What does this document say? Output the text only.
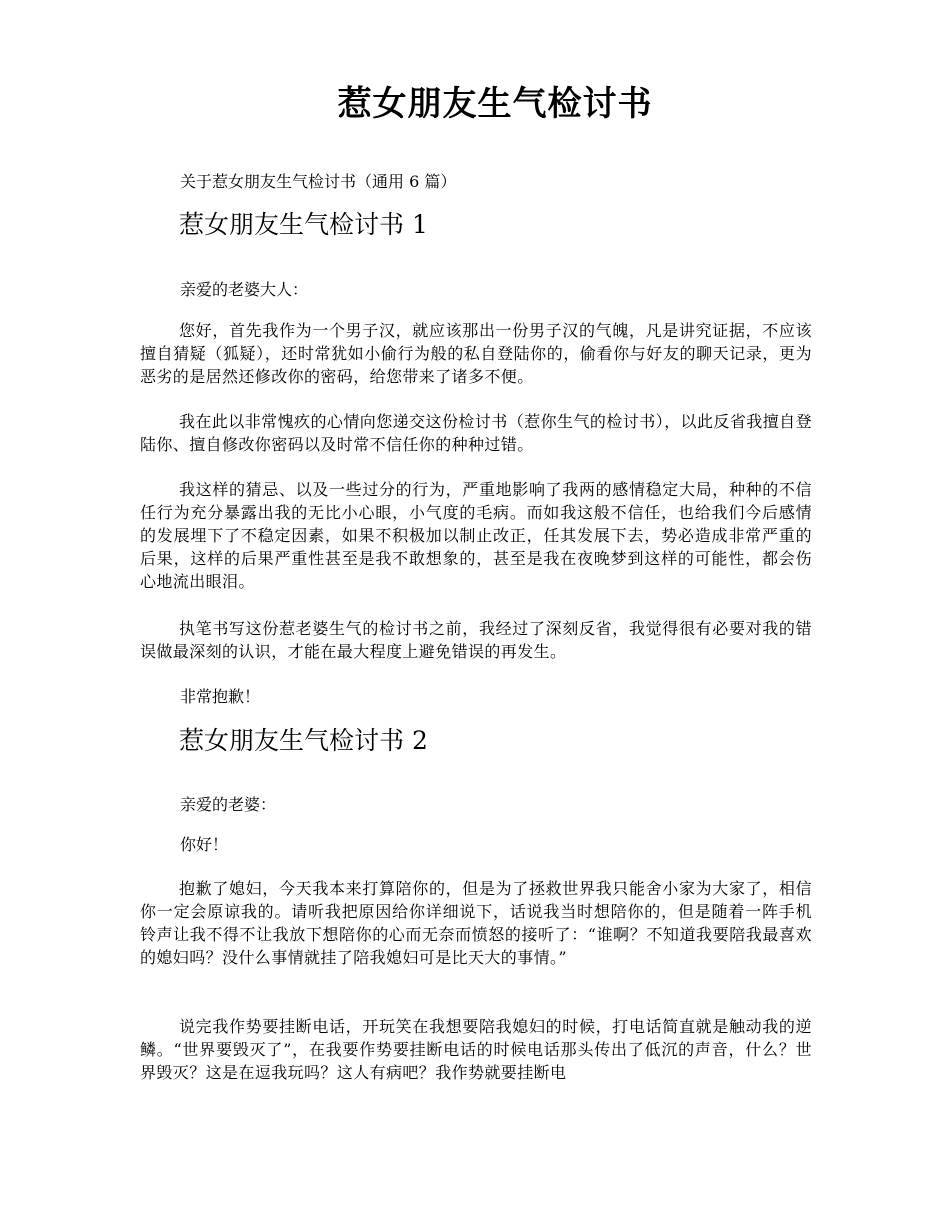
惹女朋友生气检讨书

关于惹女朋友生气检讨书（通用 6 篇）

惹女朋友生气检讨书 1

亲爱的老婆大人：

您好，首先我作为一个男子汉，就应该那出一份男子汉的气魄，凡是讲究证据，不应该擅自猜疑（狐疑），还时常犹如小偷行为般的私自登陆你的，偷看你与好友的聊天记录，更为恶劣的是居然还修改你的密码，给您带来了诸多不便。

我在此以非常愧疚的心情向您递交这份检讨书（惹你生气的检讨书），以此反省我擅自登陆你、擅自修改你密码以及时常不信任你的种种过错。

我这样的猜忌、以及一些过分的行为，严重地影响了我两的感情稳定大局，种种的不信任行为充分暴露出我的无比小心眼，小气度的毛病。而如我这般不信任，也给我们今后感情的发展埋下了不稳定因素，如果不积极加以制止改正，任其发展下去，势必造成非常严重的后果，这样的后果严重性甚至是我不敢想象的，甚至是我在夜晚梦到这样的可能性，都会伤心地流出眼泪。

执笔书写这份惹老婆生气的检讨书之前，我经过了深刻反省，我觉得很有必要对我的错误做最深刻的认识，才能在最大程度上避免错误的再发生。

非常抱歉！

惹女朋友生气检讨书 2

亲爱的老婆：

你好！

抱歉了媳妇，今天我本来打算陪你的，但是为了拯救世界我只能舍小家为大家了，相信你一定会原谅我的。请听我把原因给你详细说下，话说我当时想陪你的，但是随着一阵手机铃声让我不得不让我放下想陪你的心而无奈而愤怒的接听了：“谁啊？不知道我要陪我最喜欢的媳妇吗？没什么事情就挂了陪我媳妇可是比天大的事情。”

说完我作势要挂断电话，开玩笑在我想要陪我媳妇的时候，打电话简直就是触动我的逆鳞。“世界要毁灭了”，在我要作势要挂断电话的时候电话那头传出了低沉的声音，什么？世界毁灭？这是在逗我玩吗？这人有病吧？我作势就要挂断电
